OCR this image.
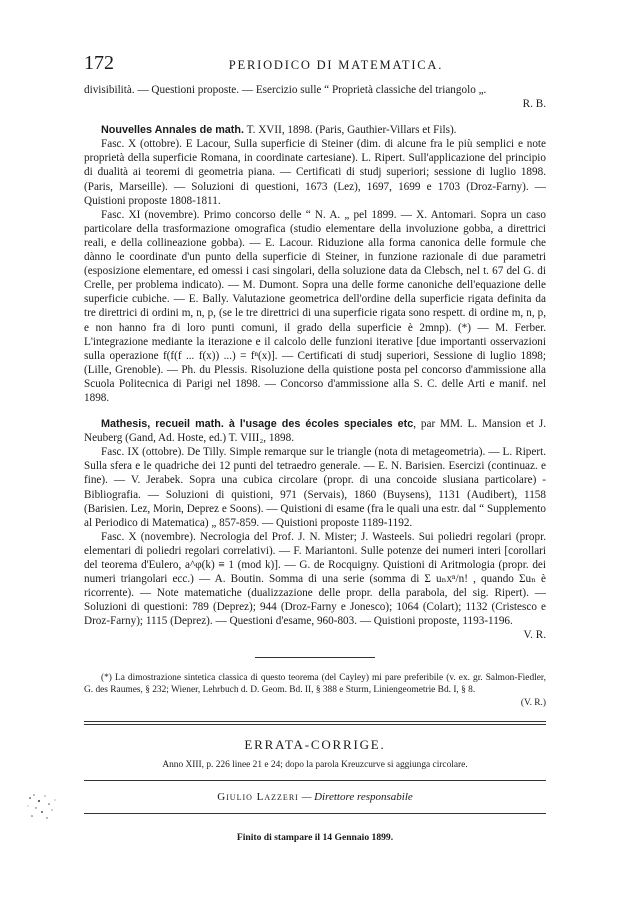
172	PERIODICO DI MATEMATICA.

divisibilità. — Questioni proposte. — Esercizio sulle “ Proprietà classiche del triangolo „.

R. B.

Nouvelles Annales de math. T. XVII, 1898. (Paris, Gauthier-Villars et Fils).

Fasc. X (ottobre). E Lacour, Sulla superficie di Steiner (dim. di alcune fra le più semplici e note proprietà della superficie Romana, in coordinate cartesiane). L. Ripert. Sull'applicazione del principio di dualità ai teoremi di geometria piana. — Certificati di studj superiori; sessione di luglio 1898. (Paris, Marseille). — Soluzioni di questioni, 1673 (Lez), 1697, 1699 e 1703 (Droz-Farny). — Quistioni proposte 1808-1811.

Fasc. XI (novembre). Primo concorso delle “ N. A. „ pel 1899. — X. Antomari. Sopra un caso particolare della trasformazione omografica (studio elementare della involuzione gobba, a direttrici reali, e della collineazione gobba). — E. Lacour. Riduzione alla forma canonica delle formule che dànno le coordinate d'un punto della superficie di Steiner, in funzione razionale di due parametri (esposizione elementare, ed omessi i casi singolari, della soluzione data da Clebsch, nel t. 67 del G. di Crelle, per problema indicato). — M. Dumont. Sopra una delle forme canoniche dell'equazione delle superficie cubiche. — E. Bally. Valutazione geometrica dell'ordine della superficie rigata definita da tre direttrici di ordini m, n, p, (se le tre direttrici di una superficie rigata sono respett. di ordine m, n, p, e non hanno fra di loro punti comuni, il grado della superficie è 2mnp). (*) — M. Ferber. L'integrazione mediante la iterazione e il calcolo delle funzioni iterative [due importanti osservazioni sulla operazione f(f(f ... f(x)) ...) = fⁿ(x)]. — Certificati di studj superiori, Sessione di luglio 1898; (Lille, Grenoble). — Ph. du Plessis. Risoluzione della quistione posta pel concorso d'ammissione alla Scuola Politecnica di Parigi nel 1898. — Concorso d'ammissione alla S. C. delle Arti e manif. nel 1898.

Mathesis, recueil math. à l'usage des écoles speciales etc, par MM. L. Mansion et J. Neuberg (Gand, Ad. Hoste, ed.) T. VIII₂, 1898.

Fasc. IX (ottobre). De Tilly. Simple remarque sur le triangle (nota di metageometria). — L. Ripert. Sulla sfera e le quadriche dei 12 punti del tetraedro generale. — E. N. Barisien. Esercizi (continuaz. e fine). — V. Jerabek. Sopra una cubica circolare (propr. di una concoide slusiana particolare) - Bibliografia. — Soluzioni di quistioni, 971 (Servais), 1860 (Buysens), 1131 (Audibert), 1158 (Barisien. Lez, Morin, Deprez e Soons). — Quistioni di esame (fra le quali una estr. dal “ Supplemento al Periodico di Matematica) „ 857-859. — Quistioni proposte 1189-1192.

Fasc. X (novembre). Necrologia del Prof. J. N. Mister; J. Wasteels. Sui poliedri regolari (propr. elementari di poliedri regolari correlativi). — F. Mariantoni. Sulle potenze dei numeri interi [corollari del teorema d'Eulero, a^φ(k) ≡ 1 (mod k)]. — G. de Rocquigny. Quistioni di Aritmologia (propr. dei numeri triangolari ecc.) — A. Boutin. Somma di una serie (somma di Σ uₙxⁿ/n! , quando Σuₙ è ricorrente). — Note matematiche (dualizzazione delle propr. della parabola, del sig. Ripert). — Soluzioni di questioni: 789 (Deprez); 944 (Droz-Farny e Jonesco); 1064 (Colart); 1132 (Cristesco e Droz-Farny); 1115 (Deprez). — Questioni d'esame, 960-803. — Quistioni proposte, 1193-1196.

V. R.

(*) La dimostrazione sintetica classica di questo teorema (del Cayley) mi pare preferibile (v. ex. gr. Salmon-Fiedler, G. des Raumes, § 232; Wiener, Lehrbuch d. D. Geom. Bd. II, § 388 e Sturm, Liniengeometrie Bd. I, § 8.

(V. R.)

ERRATA-CORRIGE.
Anno XIII, p. 226 linee 21 e 24; dopo la parola Kreuzcurve si aggiunga circolare.
Giulio Lazzeri — Direttore responsabile
Finito di stampare il 14 Gennaio 1899.
